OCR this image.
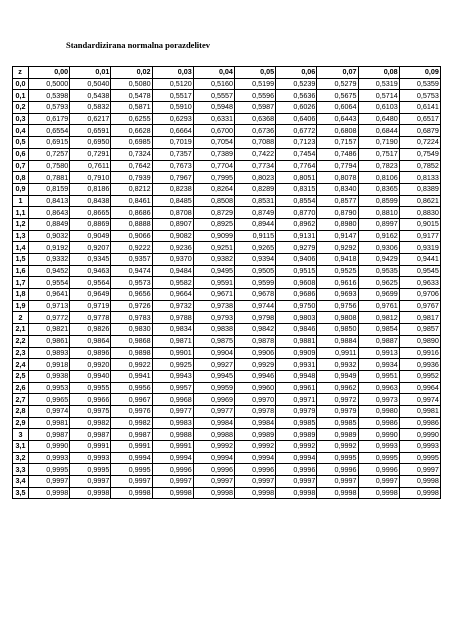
Standardizirana normalna porazdelitev
z	0,00	0,01	0,02	0,03	0,04	0,05	0,06	0,07	0,08	0,09
0,0	0,5000	0,5040	0,5080	0,5120	0,5160	0,5199	0,5239	0,5279	0,5319	0,5359
0,1	0,5398	0,5438	0,5478	0,5517	0,5557	0,5596	0,5636	0,5675	0,5714	0,5753
0,2	0,5793	0,5832	0,5871	0,5910	0,5948	0,5987	0,6026	0,6064	0,6103	0,6141
0,3	0,6179	0,6217	0,6255	0,6293	0,6331	0,6368	0,6406	0,6443	0,6480	0,6517
0,4	0,6554	0,6591	0,6628	0,6664	0,6700	0,6736	0,6772	0,6808	0,6844	0,6879
0,5	0,6915	0,6950	0,6985	0,7019	0,7054	0,7088	0,7123	0,7157	0,7190	0,7224
0,6	0,7257	0,7291	0,7324	0,7357	0,7389	0,7422	0,7454	0,7486	0,7517	0,7549
0,7	0,7580	0,7611	0,7642	0,7673	0,7704	0,7734	0,7764	0,7794	0,7823	0,7852
0,8	0,7881	0,7910	0,7939	0,7967	0,7995	0,8023	0,8051	0,8078	0,8106	0,8133
0,9	0,8159	0,8186	0,8212	0,8238	0,8264	0,8289	0,8315	0,8340	0,8365	0,8389
1	0,8413	0,8438	0,8461	0,8485	0,8508	0,8531	0,8554	0,8577	0,8599	0,8621
1,1	0,8643	0,8665	0,8686	0,8708	0,8729	0,8749	0,8770	0,8790	0,8810	0,8830
1,2	0,8849	0,8869	0,8888	0,8907	0,8925	0,8944	0,8962	0,8980	0,8997	0,9015
1,3	0,9032	0,9049	0,9066	0,9082	0,9099	0,9115	0,9131	0,9147	0,9162	0,9177
1,4	0,9192	0,9207	0,9222	0,9236	0,9251	0,9265	0,9279	0,9292	0,9306	0,9319
1,5	0,9332	0,9345	0,9357	0,9370	0,9382	0,9394	0,9406	0,9418	0,9429	0,9441
1,6	0,9452	0,9463	0,9474	0,9484	0,9495	0,9505	0,9515	0,9525	0,9535	0,9545
1,7	0,9554	0,9564	0,9573	0,9582	0,9591	0,9599	0,9608	0,9616	0,9625	0,9633
1,8	0,9641	0,9649	0,9656	0,9664	0,9671	0,9678	0,9686	0,9693	0,9699	0,9706
1,9	0,9713	0,9719	0,9726	0,9732	0,9738	0,9744	0,9750	0,9756	0,9761	0,9767
2	0,9772	0,9778	0,9783	0,9788	0,9793	0,9798	0,9803	0,9808	0,9812	0,9817
2,1	0,9821	0,9826	0,9830	0,9834	0,9838	0,9842	0,9846	0,9850	0,9854	0,9857
2,2	0,9861	0,9864	0,9868	0,9871	0,9875	0,9878	0,9881	0,9884	0,9887	0,9890
2,3	0,9893	0,9896	0,9898	0,9901	0,9904	0,9906	0,9909	0,9911	0,9913	0,9916
2,4	0,9918	0,9920	0,9922	0,9925	0,9927	0,9929	0,9931	0,9932	0,9934	0,9936
2,5	0,9938	0,9940	0,9941	0,9943	0,9945	0,9946	0,9948	0,9949	0,9951	0,9952
2,6	0,9953	0,9955	0,9956	0,9957	0,9959	0,9960	0,9961	0,9962	0,9963	0,9964
2,7	0,9965	0,9966	0,9967	0,9968	0,9969	0,9970	0,9971	0,9972	0,9973	0,9974
2,8	0,9974	0,9975	0,9976	0,9977	0,9977	0,9978	0,9979	0,9979	0,9980	0,9981
2,9	0,9981	0,9982	0,9982	0,9983	0,9984	0,9984	0,9985	0,9985	0,9986	0,9986
3	0,9987	0,9987	0,9987	0,9988	0,9988	0,9989	0,9989	0,9989	0,9990	0,9990
3,1	0,9990	0,9991	0,9991	0,9991	0,9992	0,9992	0,9992	0,9992	0,9993	0,9993
3,2	0,9993	0,9993	0,9994	0,9994	0,9994	0,9994	0,9994	0,9995	0,9995	0,9995
3,3	0,9995	0,9995	0,9995	0,9996	0,9996	0,9996	0,9996	0,9996	0,9996	0,9997
3,4	0,9997	0,9997	0,9997	0,9997	0,9997	0,9997	0,9997	0,9997	0,9997	0,9998
3,5	0,9998	0,9998	0,9998	0,9998	0,9998	0,9998	0,9998	0,9998	0,9998	0,9998
